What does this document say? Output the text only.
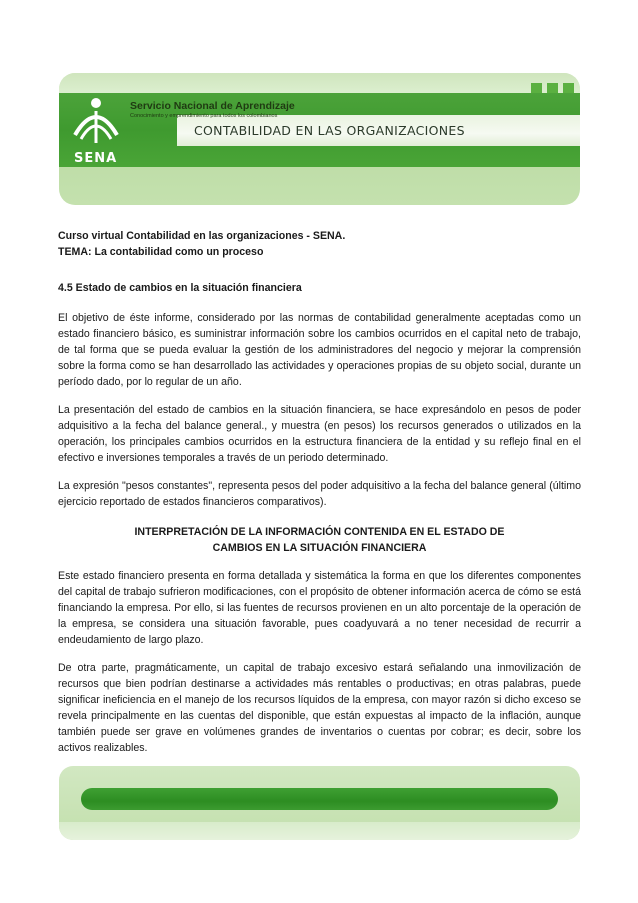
SENA
Servicio Nacional de Aprendizaje
Conocimiento y emprendimiento para todos los colombianos
CONTABILIDAD EN LAS ORGANIZACIONES

Curso virtual Contabilidad en las organizaciones - SENA.

TEMA: La contabilidad como un proceso

4.5 Estado de cambios en la situación financiera

El objetivo de éste informe, considerado por las normas de contabilidad generalmente aceptadas como un estado financiero básico, es suministrar información sobre los cambios ocurridos en el capital neto de trabajo, de tal forma que se pueda evaluar la gestión de los administradores del negocio y mejorar la comprensión sobre la forma como se han desarrollado las actividades y operaciones propias de su objeto social, durante un período dado, por lo regular de un año.

La presentación del estado de cambios en la situación financiera, se hace expresándolo en pesos de poder adquisitivo a la fecha del balance general., y muestra (en pesos) los recursos generados o utilizados en la operación, los principales cambios ocurridos en la estructura financiera de la entidad y su reflejo final en el efectivo e inversiones temporales a través de un periodo determinado.

La expresión "pesos constantes", representa pesos del poder adquisitivo a la fecha del balance general (último ejercicio reportado de estados financieros comparativos).

INTERPRETACIÓN DE LA INFORMACIÓN CONTENIDA EN EL ESTADO DE

CAMBIOS EN LA SITUACIÓN FINANCIERA

Este estado financiero presenta en forma detallada y sistemática la forma en que los diferentes componentes del capital de trabajo sufrieron modificaciones, con el propósito de obtener información acerca de cómo se está financiando la empresa. Por ello, si las fuentes de recursos provienen en un alto porcentaje de la operación de la empresa, se considera una situación favorable, pues coadyuvará a no tener necesidad de recurrir a endeudamiento de largo plazo.

De otra parte, pragmáticamente, un capital de trabajo excesivo estará señalando una inmovilización de recursos que bien podrían destinarse a actividades más rentables o productivas; en otras palabras, puede significar ineficiencia en el manejo de los recursos líquidos de la empresa, con mayor razón si dicho exceso se revela principalmente en las cuentas del disponible, que están expuestas al impacto de la inflación, aunque también puede ser grave en volúmenes grandes de inventarios o cuentas por cobrar; es decir, sobre los activos realizables.
